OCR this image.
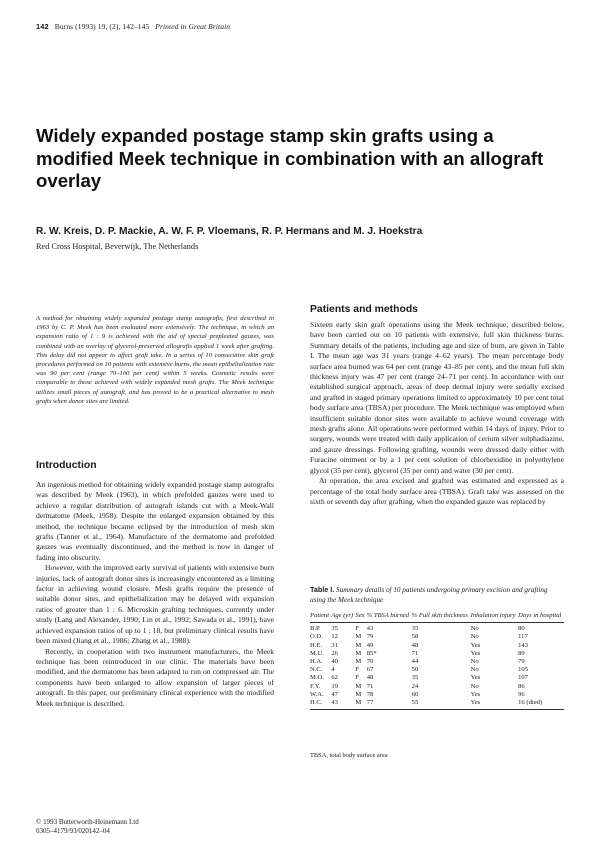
142 Burns (1993) 19, (2), 142–145 Printed in Great Britain
Widely expanded postage stamp skin grafts using a modified Meek technique in combination with an allograft overlay
R. W. Kreis, D. P. Mackie, A. W. F. P. Vloemans, R. P. Hermans and M. J. Hoekstra
Red Cross Hospital, Beverwijk, The Netherlands
A method for obtaining widely expanded postage stamp autografts, first described in 1963 by C. P. Meek has been evaluated more extensively. The technique, in which an expansion ratio of 1 : 9 is achieved with the aid of special prepleated gauzes, was combined with an overlay of glycerol-preserved allografts applied 1 week after grafting. This delay did not appear to affect graft take. In a series of 10 consecutive skin graft procedures performed on 10 patients with extensive burns, the mean epithelialization rate was 90 per cent (range 70–100 per cent) within 5 weeks. Cosmetic results were comparable to those achieved with widely expanded mesh grafts. The Meek technique utilizes small pieces of autograft, and has proved to be a practical alternative to mesh grafts when donor sites are limited.
Introduction

An ingenious method for obtaining widely expanded postage stamp autografts was described by Meek (1963), in which prefolded gauzes were used to achieve a regular distribution of autograft islands cut with a Meek-Wall dermatome (Meek, 1958). Despite the enlarged expansion obtained by this method, the technique became eclipsed by the introduction of mesh skin grafts (Tanner et al., 1964). Manufacture of the dermatome and prefolded gauzes was eventually discontinued, and the method is now in danger of fading into obscurity.

However, with the improved early survival of patients with extensive burn injuries, lack of autograft donor sites is increasingly encountered as a limiting factor in achieving wound closure. Mesh grafts require the presence of suitable donor sites, and epithelialization may be delayed with expansion ratios of greater than 1 : 6. Microskin grafting techniques, currently under study (Lang and Alexander, 1990; Lin et al., 1992; Sawada et al., 1991), have achieved expansion ratios of up to 1 : 18, but preliminary clinical results have been mixed (Jiang et al., 1986; Zhang et al., 1988).

Recently, in cooperation with two instrument manufacturers, the Meek technique has been reintroduced in our clinic. The materials have been modified, and the dermatome has been adapted to run on compressed air. The components have been enlarged to allow expansion of larger pieces of autograft. In this paper, our preliminary clinical experience with the modified Meek technique is described.

© 1993 Butterworth-Heinemann Ltd
0305–4179/93/020142–04
Patients and methods

Sixteen early skin graft operations using the Meek technique, described below, have been carried out on 10 patients with extensive, full skin thickness burns. Summary details of the patients, including age and size of burn, are given in Table I. The mean age was 31 years (range 4–62 years). The mean percentage body surface area burned was 64 per cent (range 43–85 per cent), and the mean full skin thickness injury was 47 per cent (range 24–71 per cent). In accordance with our established surgical approach, areas of deep dermal injury were serially excised and grafted in staged primary operations limited to approximately 10 per cent total body surface area (TBSA) per procedure. The Meek technique was employed when insufficient suitable donor sites were available to achieve wound coverage with mesh grafts alone. All operations were performed within 14 days of injury. Prior to surgery, wounds were treated with daily application of cerium silver sulphadiazine, and gauze dressings. Following grafting, wounds were dressed daily either with Furacine ointment or by a 1 per cent solution of chlorhexidine in polyethylene glycol (35 per cent), glycerol (35 per cent) and water (30 per cent).

At operation, the area excised and grafted was estimated and expressed as a percentage of the total body surface area (TBSA). Graft take was assessed on the sixth or seventh day after grafting, when the expanded gauze was replaced by

Table I. Summary details of 10 patients undergoing primary excision and grafting using the Meek technique
Patient	Age (yr)	Sex	% TBSA burned	% Full skin thickness	Inhalation injury	Days in hospital
B.P.	35	F	43	35	No	80
O.D.	12	M	79	58	No	117
H.E.	31	M	49	48	Yes	143
M.U.	26	M	85*	71	Yes	89
H.A.	40	M	70	44	No	79
N.C.	4	F	67	50	No	105
M.O.	62	F	48	35	Yes	107
F.Y.	19	M	71	24	No	86
W.A.	47	M	78	60	Yes	96
H.C.	43	M	77	55	Yes	16 (died)
TBSA, total body surface area
